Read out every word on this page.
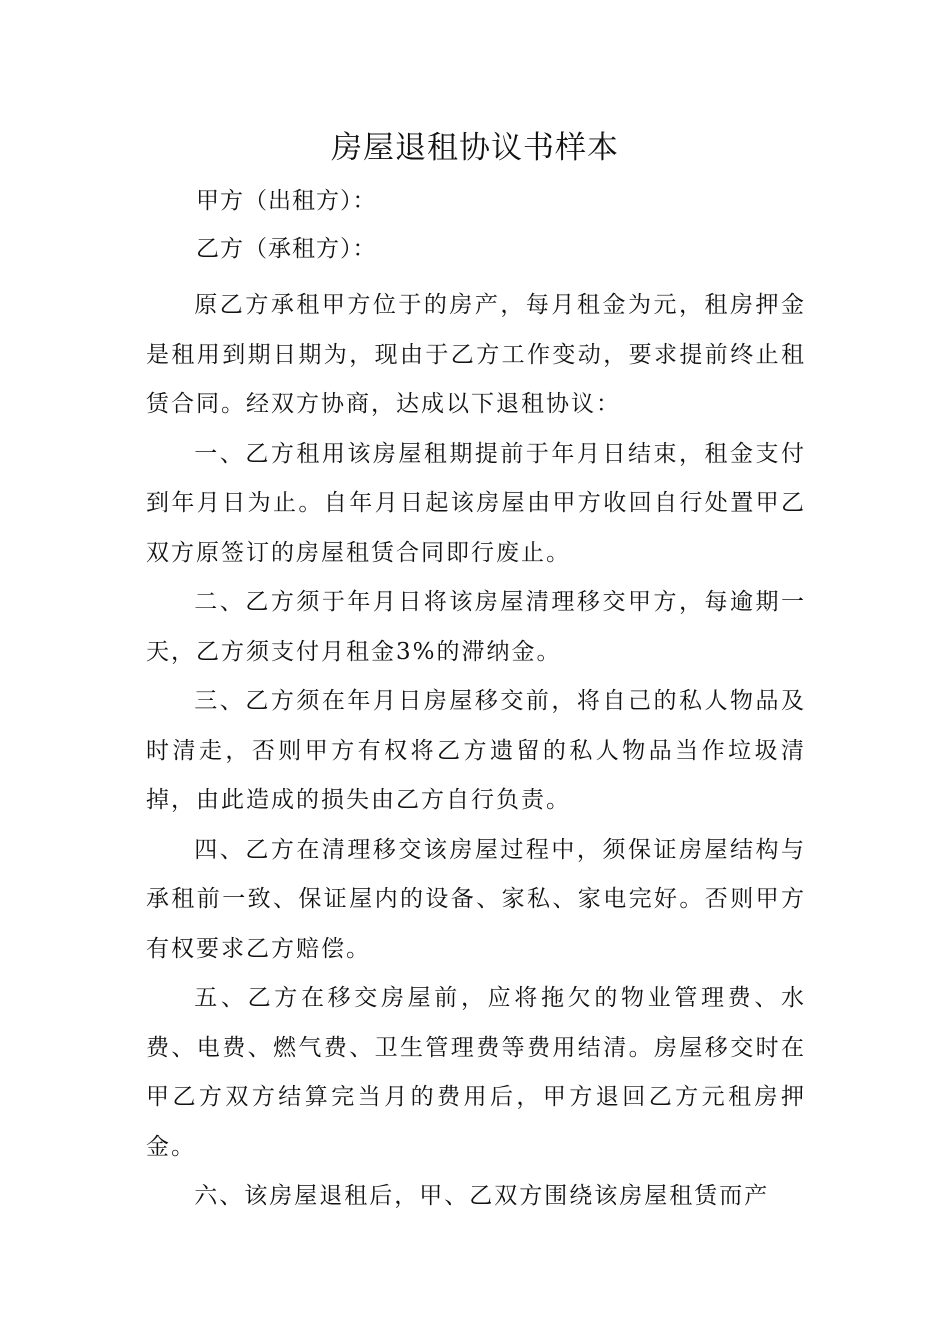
房屋退租协议书样本

甲方（出租方）：

乙方（承租方）：

原乙方承租甲方位于的房产，每月租金为元，租房押金是租用到期日期为，现由于乙方工作变动，要求提前终止租赁合同。经双方协商，达成以下退租协议：

一、乙方租用该房屋租期提前于年月日结束，租金支付到年月日为止。自年月日起该房屋由甲方收回自行处置甲乙双方原签订的房屋租赁合同即行废止。

二、乙方须于年月日将该房屋清理移交甲方，每逾期一天，乙方须支付月租金3%的滞纳金。

三、乙方须在年月日房屋移交前，将自己的私人物品及时清走，否则甲方有权将乙方遗留的私人物品当作垃圾清掉，由此造成的损失由乙方自行负责。

四、乙方在清理移交该房屋过程中，须保证房屋结构与承租前一致、保证屋内的设备、家私、家电完好。否则甲方有权要求乙方赔偿。

五、乙方在移交房屋前，应将拖欠的物业管理费、水费、电费、燃气费、卫生管理费等费用结清。房屋移交时在甲乙方双方结算完当月的费用后，甲方退回乙方元租房押金。

六、该房屋退租后，甲、乙双方围绕该房屋租赁而产
